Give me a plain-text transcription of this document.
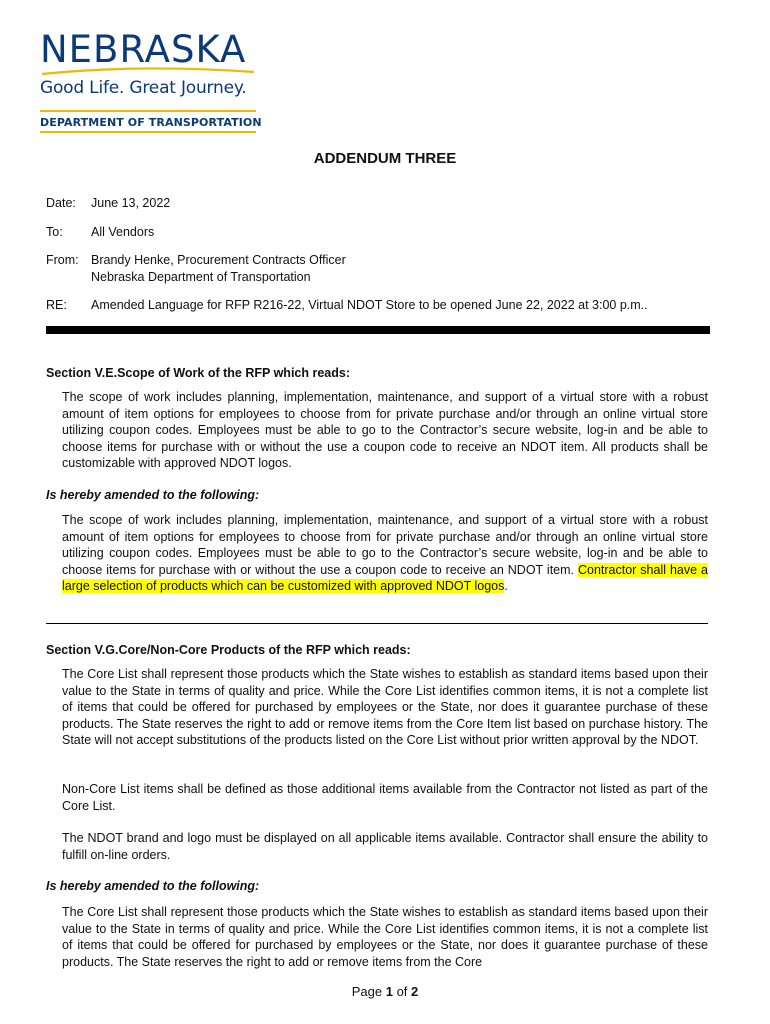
NEBRASKA
Good Life. Great Journey.
DEPARTMENT OF TRANSPORTATION
ADDENDUM THREE
Date: June 13, 2022
To: All Vendors
From: Brandy Henke, Procurement Contracts Officer
Nebraska Department of Transportation
RE: Amended Language for RFP R216-22, Virtual NDOT Store to be opened June 22, 2022 at 3:00 p.m..
Section V.E.Scope of Work of the RFP which reads:
The scope of work includes planning, implementation, maintenance, and support of a virtual store with a robust amount of item options for employees to choose from for private purchase and/or through an online virtual store utilizing coupon codes. Employees must be able to go to the Contractor’s secure website, log-in and be able to choose items for purchase with or without the use a coupon code to receive an NDOT item. All products shall be customizable with approved NDOT logos.
Is hereby amended to the following:
The scope of work includes planning, implementation, maintenance, and support of a virtual store with a robust amount of item options for employees to choose from for private purchase and/or through an online virtual store utilizing coupon codes. Employees must be able to go to the Contractor’s secure website, log-in and be able to choose items for purchase with or without the use a coupon code to receive an NDOT item. Contractor shall have a large selection of products which can be customized with approved NDOT logos.
Section V.G.Core/Non-Core Products of the RFP which reads:
The Core List shall represent those products which the State wishes to establish as standard items based upon their value to the State in terms of quality and price. While the Core List identifies common items, it is not a complete list of items that could be offered for purchased by employees or the State, nor does it guarantee purchase of these products. The State reserves the right to add or remove items from the Core Item list based on purchase history. The State will not accept substitutions of the products listed on the Core List without prior written approval by the NDOT.
Non-Core List items shall be defined as those additional items available from the Contractor not listed as part of the Core List.
The NDOT brand and logo must be displayed on all applicable items available. Contractor shall ensure the ability to fulfill on-line orders.
Is hereby amended to the following:
The Core List shall represent those products which the State wishes to establish as standard items based upon their value to the State in terms of quality and price. While the Core List identifies common items, it is not a complete list of items that could be offered for purchased by employees or the State, nor does it guarantee purchase of these products. The State reserves the right to add or remove items from the Core
Page 1 of 2
